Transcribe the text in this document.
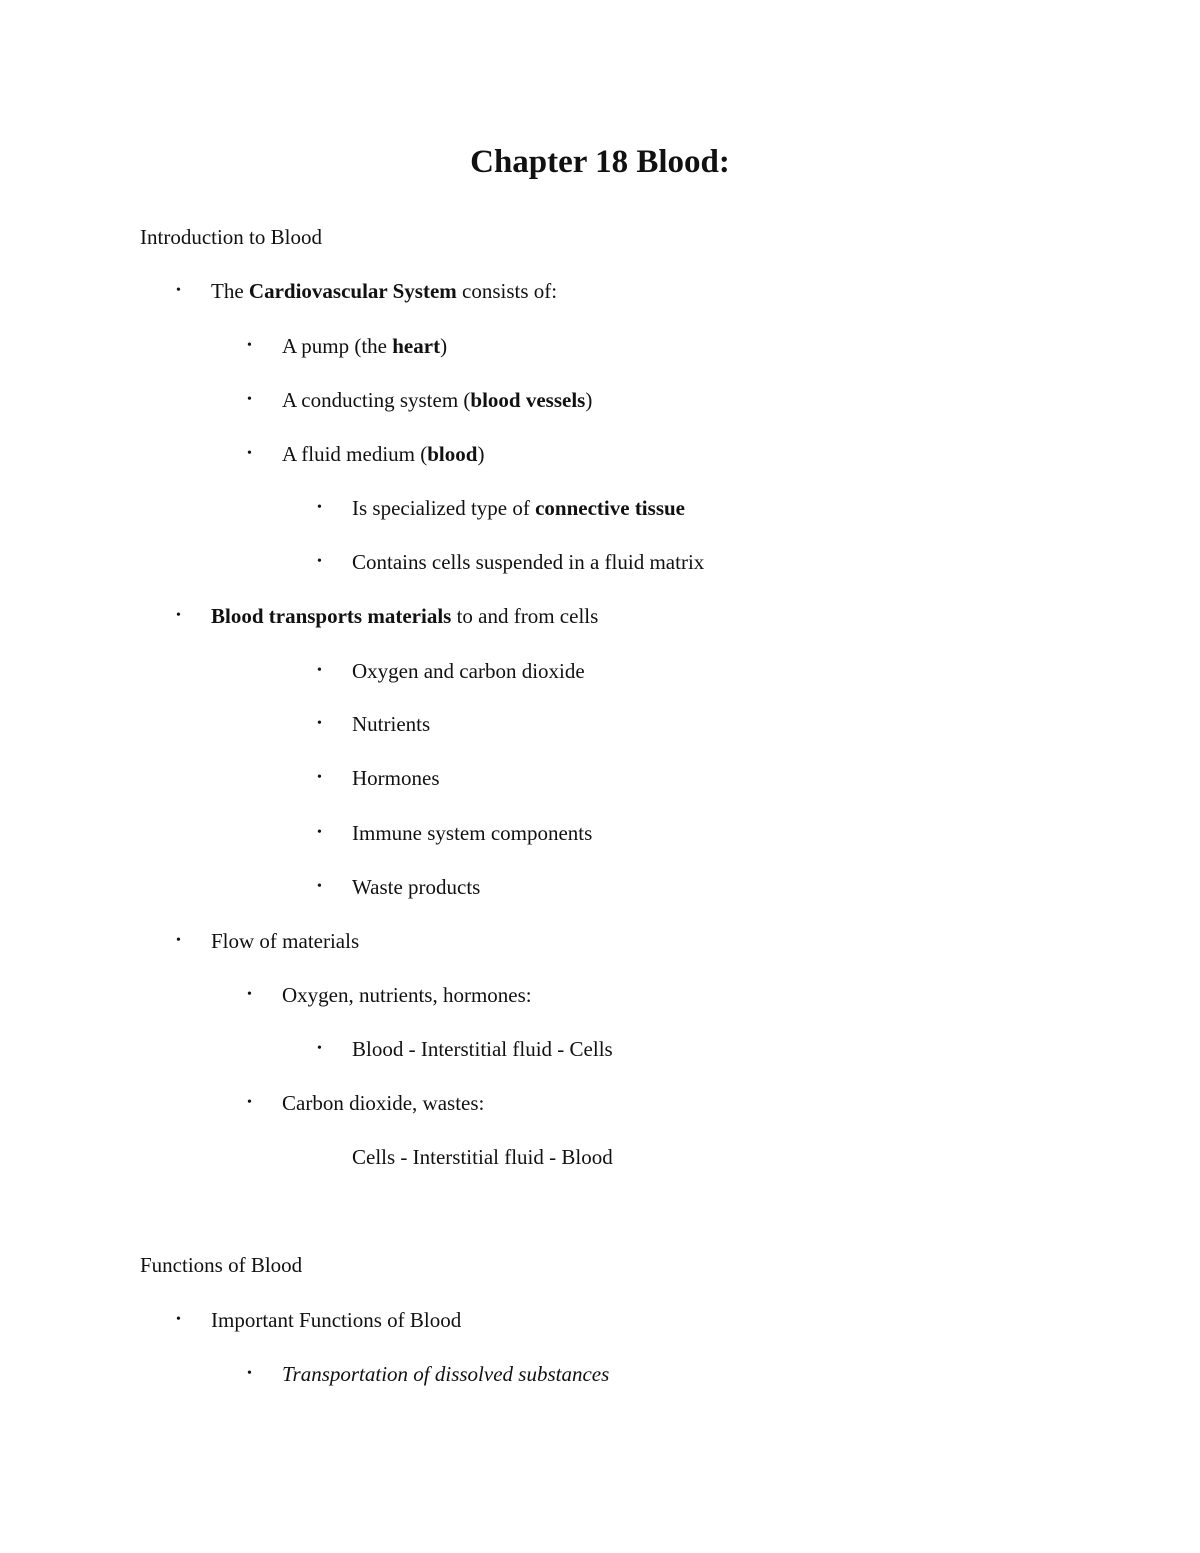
Chapter 18 Blood:
Introduction to Blood
• The Cardiovascular System consists of:
• A pump (the heart)
• A conducting system (blood vessels)
• A fluid medium (blood)
• Is specialized type of connective tissue
• Contains cells suspended in a fluid matrix
• Blood transports materials to and from cells
• Oxygen and carbon dioxide
• Nutrients
• Hormones
• Immune system components
• Waste products
• Flow of materials
• Oxygen, nutrients, hormones:
• Blood - Interstitial fluid - Cells
• Carbon dioxide, wastes:
Cells - Interstitial fluid - Blood
Functions of Blood
• Important Functions of Blood
• Transportation of dissolved substances
